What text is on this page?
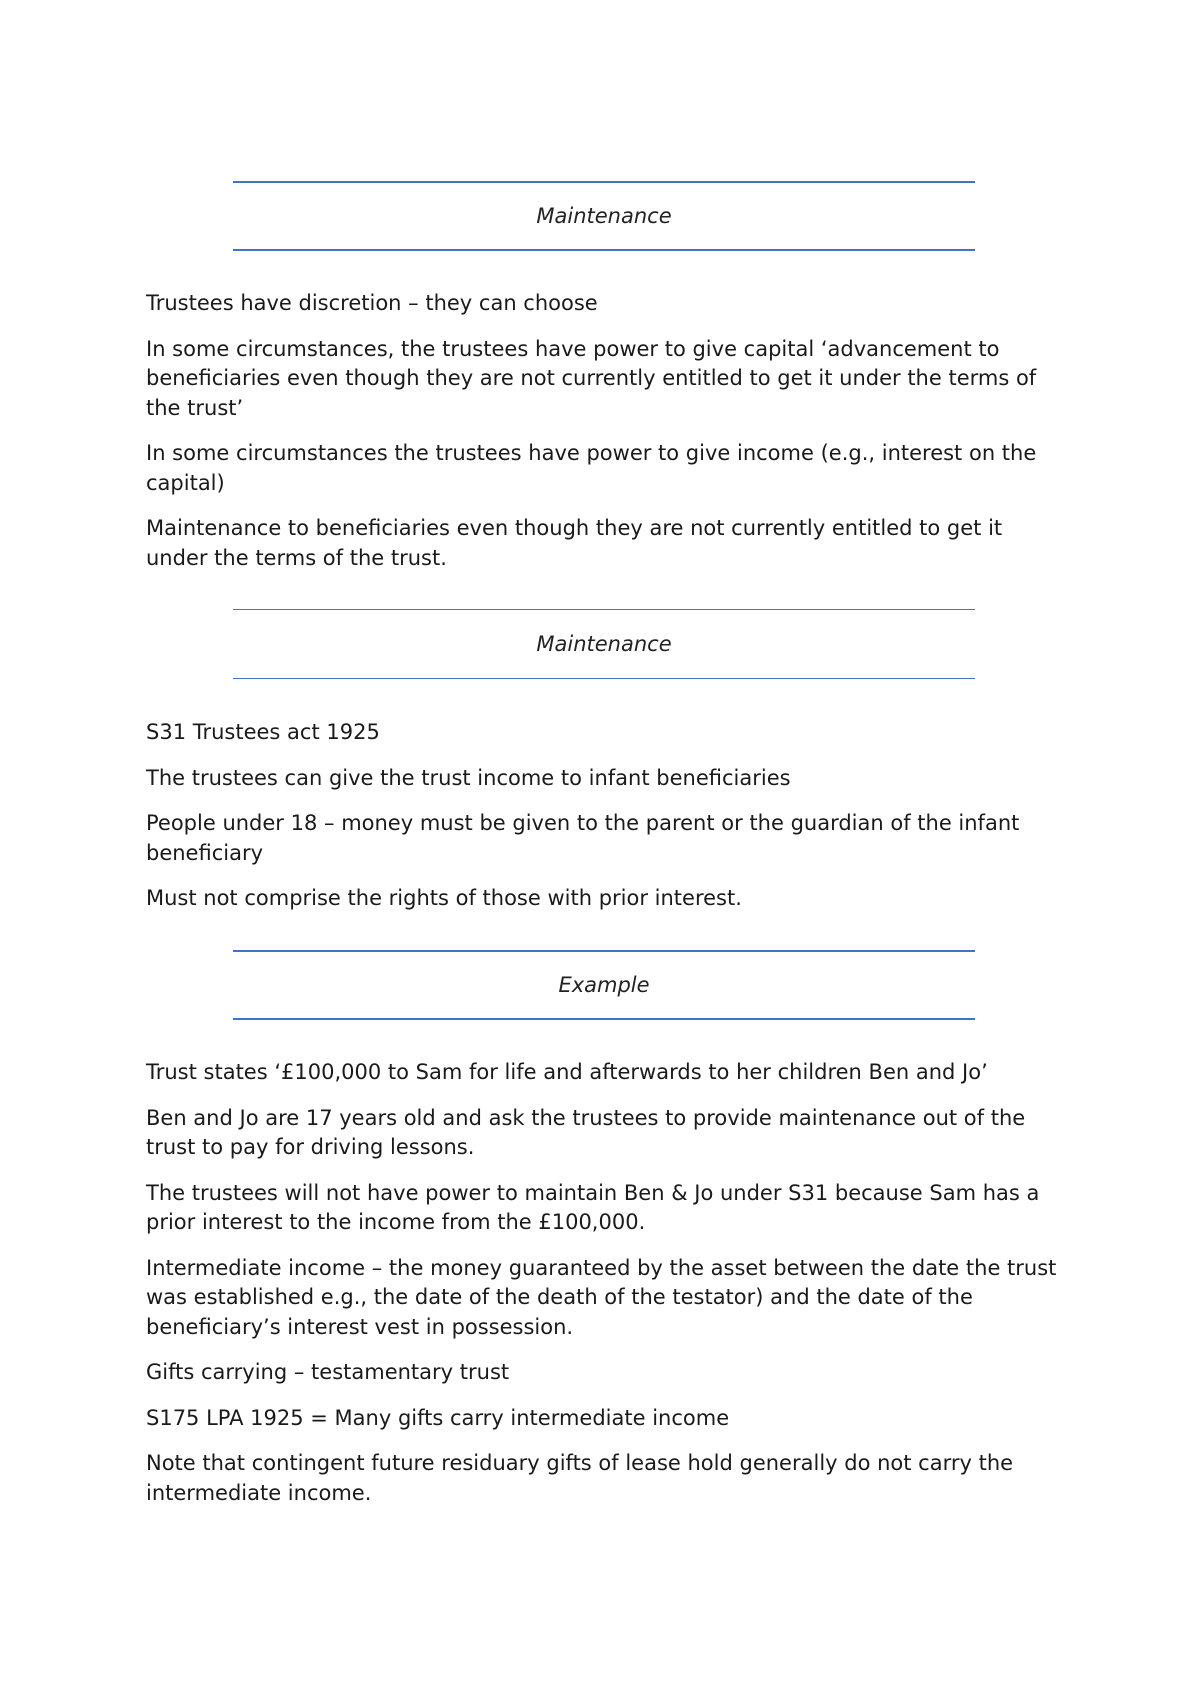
Maintenance

Trustees have discretion – they can choose

In some circumstances, the trustees have power to give capital ‘advancement to beneficiaries even though they are not currently entitled to get it under the terms of the trust’

In some circumstances the trustees have power to give income (e.g., interest on the capital)

Maintenance to beneficiaries even though they are not currently entitled to get it under the terms of the trust.

Maintenance

S31 Trustees act 1925

The trustees can give the trust income to infant beneficiaries

People under 18 – money must be given to the parent or the guardian of the infant beneficiary

Must not comprise the rights of those with prior interest.

Example

Trust states ‘£100,000 to Sam for life and afterwards to her children Ben and Jo’

Ben and Jo are 17 years old and ask the trustees to provide maintenance out of the trust to pay for driving lessons.

The trustees will not have power to maintain Ben & Jo under S31 because Sam has a prior interest to the income from the £100,000.

Intermediate income – the money guaranteed by the asset between the date the trust was established e.g., the date of the death of the testator) and the date of the beneficiary’s interest vest in possession.

Gifts carrying – testamentary trust

S175 LPA 1925 = Many gifts carry intermediate income

Note that contingent future residuary gifts of lease hold generally do not carry the intermediate income.
